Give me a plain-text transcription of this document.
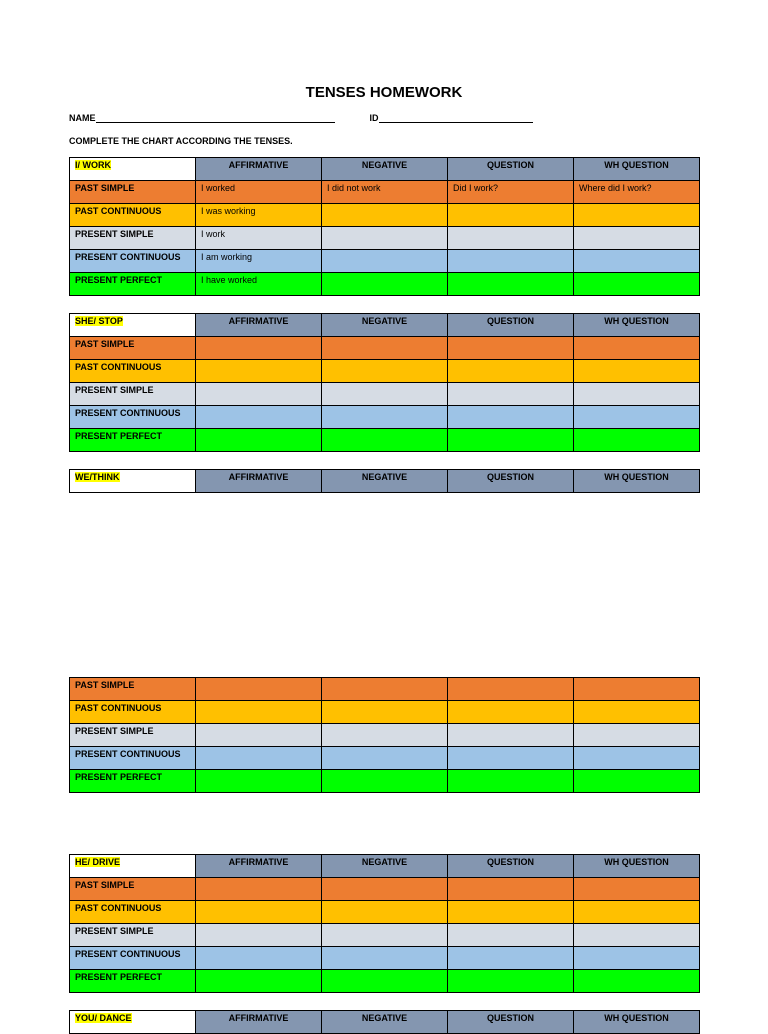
TENSES HOMEWORK
NAME	ID
COMPLETE THE CHART ACCORDING THE TENSES.
I/ WORK	AFFIRMATIVE	NEGATIVE	QUESTION	WH QUESTION
PAST SIMPLE	I worked	I did not work	Did I work?	Where did I work?
PAST CONTINUOUS	I was working			
PRESENT SIMPLE	I work			
PRESENT CONTINUOUS	I am working			
PRESENT PERFECT	I have worked			
SHE/ STOP	AFFIRMATIVE	NEGATIVE	QUESTION	WH QUESTION
PAST SIMPLE				
PAST CONTINUOUS				
PRESENT SIMPLE				
PRESENT CONTINUOUS				
PRESENT PERFECT				
WE/THINK	AFFIRMATIVE	NEGATIVE	QUESTION	WH QUESTION
PAST SIMPLE				
PAST CONTINUOUS				
PRESENT SIMPLE				
PRESENT CONTINUOUS				
PRESENT PERFECT				
HE/ DRIVE	AFFIRMATIVE	NEGATIVE	QUESTION	WH QUESTION
PAST SIMPLE				
PAST CONTINUOUS				
PRESENT SIMPLE				
PRESENT CONTINUOUS				
PRESENT PERFECT				
YOU/ DANCE	AFFIRMATIVE	NEGATIVE	QUESTION	WH QUESTION
